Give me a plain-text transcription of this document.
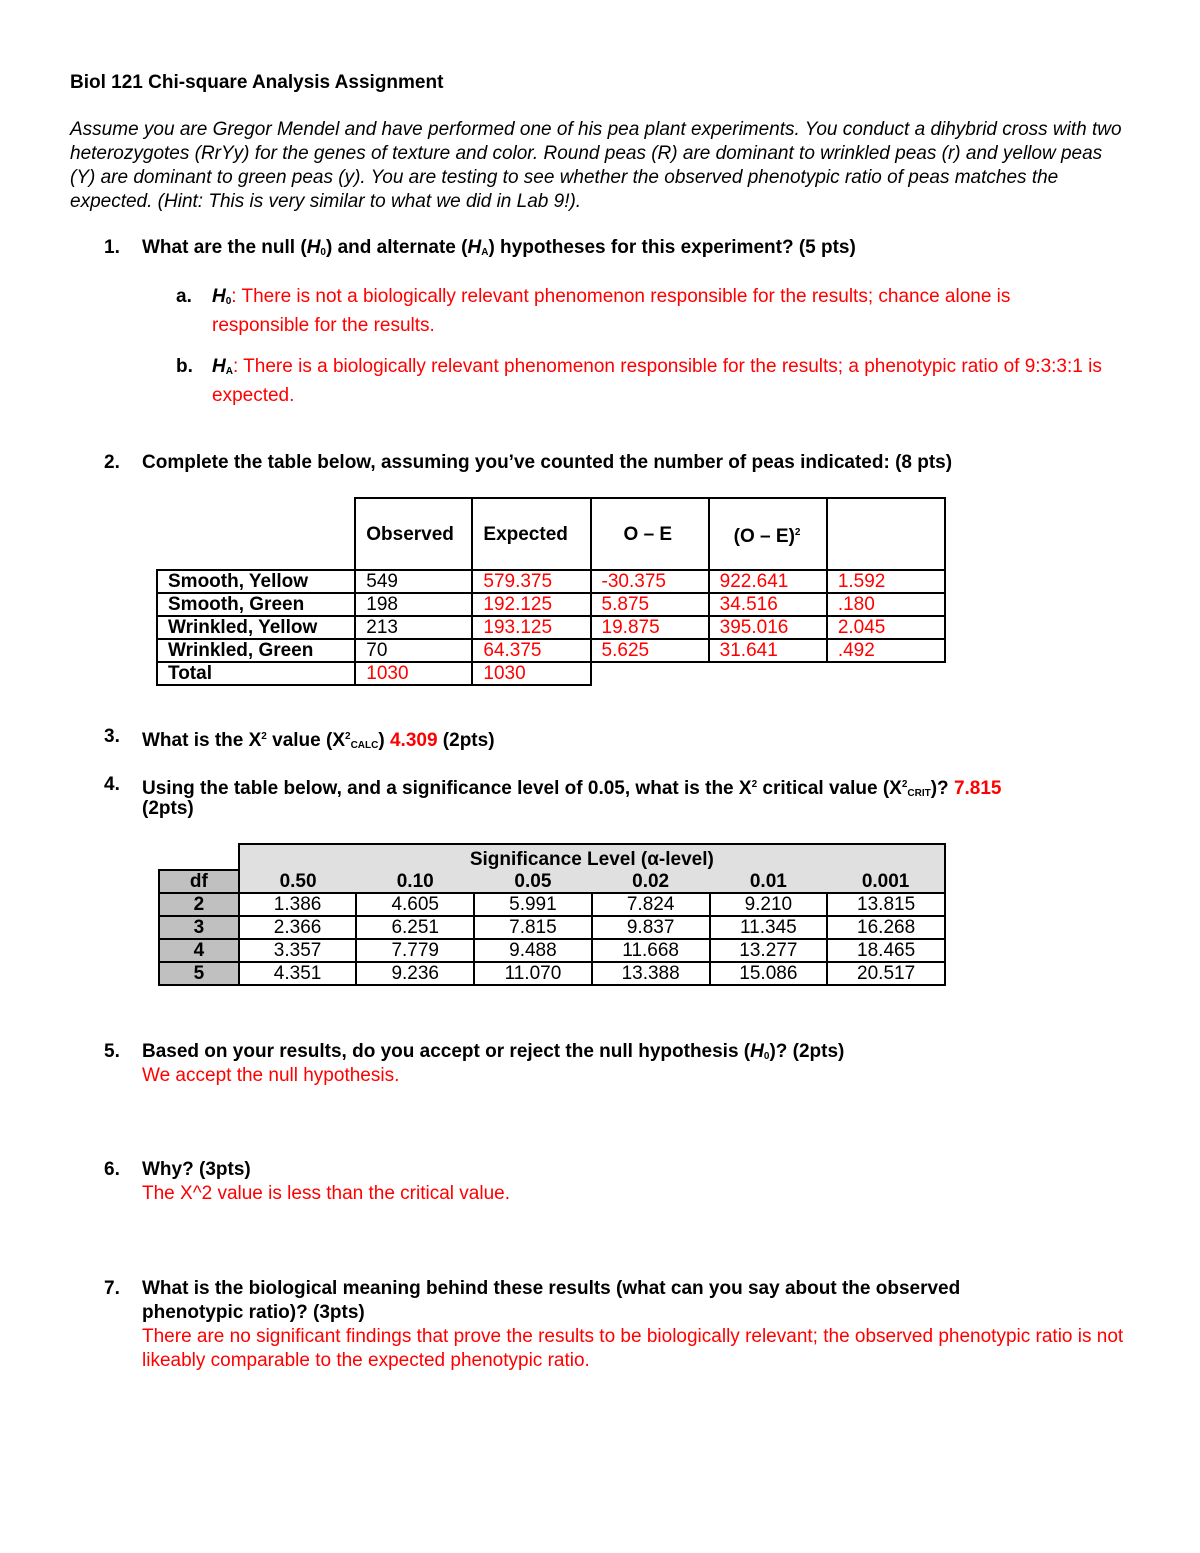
Biol 121 Chi-square Analysis Assignment
Assume you are Gregor Mendel and have performed one of his pea plant experiments. You conduct a dihybrid cross with two heterozygotes (RrYy) for the genes of texture and color. Round peas (R) are dominant to wrinkled peas (r) and yellow peas (Y) are dominant to green peas (y). You are testing to see whether the observed phenotypic ratio of peas matches the expected. (Hint: This is very similar to what we did in Lab 9!).
1.	What are the null $(H_0)$ and alternate $(H_A)$ hypotheses for this experiment? (5 pts)
a. $H_0$: There is not a biologically relevant phenomenon responsible for the results; chance alone is responsible for the results.
b. $H_A$: There is a biologically relevant phenomenon responsible for the results; a phenotypic ratio of 9:3:3:1 is expected.
2.	Complete the table below, assuming you’ve counted the number of peas indicated: (8 pts)
	Observed	Expected	O – E	(O – E)$^2$	
Smooth, Yellow	549	579.375	-30.375	922.641	1.592
Smooth, Green	198	192.125	5.875	34.516	.180
Wrinkled, Yellow	213	193.125	19.875	395.016	2.045
Wrinkled, Green	70	64.375	5.625	31.641	.492
Total	1030	1030			
3.	What is the $X^2$ value $(X^2_{CALC})$ 4.309 (2pts)
4.	Using the table below, and a significance level of 0.05, what is the $X^2$ critical value $(X^2_{CRIT})$? 7.815
(2pts)
	Significance Level (α-level)					
df	0.50	0.10	0.05	0.02	0.01	0.001
2	1.386	4.605	5.991	7.824	9.210	13.815
3	2.366	6.251	7.815	9.837	11.345	16.268
4	3.357	7.779	9.488	11.668	13.277	18.465
5	4.351	9.236	11.070	13.388	15.086	20.517
5.	Based on your results, do you accept or reject the null hypothesis $(H_0)$? (2pts)
We accept the null hypothesis.
6.	Why? (3pts)
The X^2 value is less than the critical value.
7.	What is the biological meaning behind these results (what can you say about the observed
phenotypic ratio)? (3pts)
There are no significant findings that prove the results to be biologically relevant; the observed phenotypic ratio is not likeably comparable to the expected phenotypic ratio.
